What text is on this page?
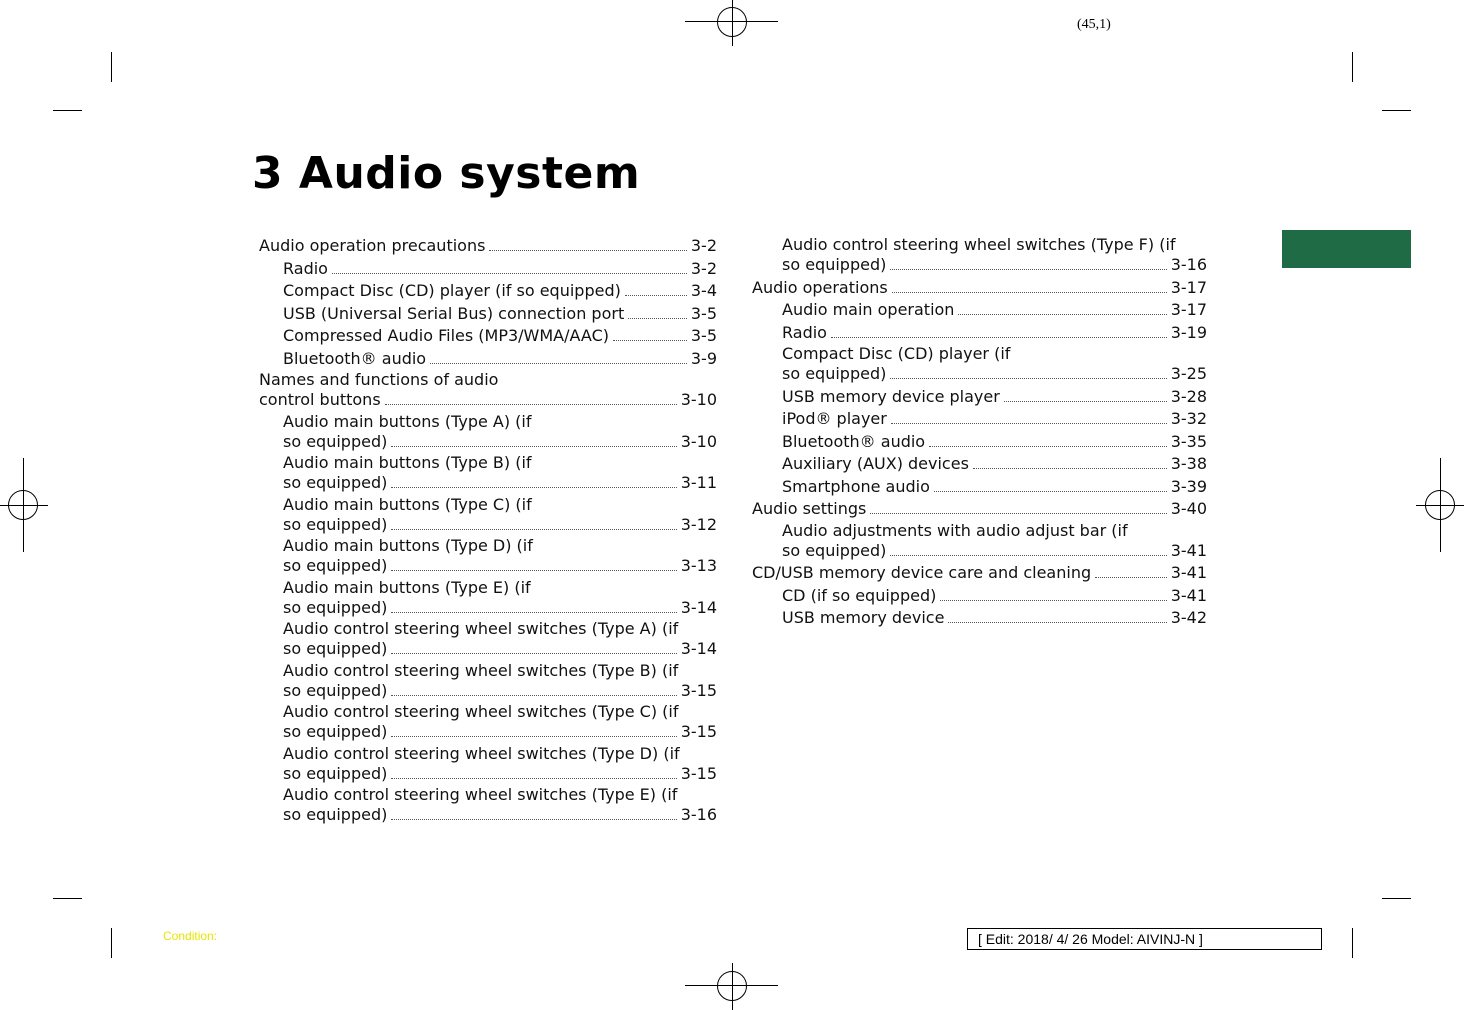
(45,1)
3 Audio system
Audio operation precautions	3-2
Radio	3-2
Compact Disc (CD) player (if so equipped)	3-4
USB (Universal Serial Bus) connection port	3-5
Compressed Audio Files (MP3/WMA/AAC)	3-5
Bluetooth® audio	3-9
Names and functions of audio
control buttons	3-10
Audio main buttons (Type A) (if
so equipped)	3-10
Audio main buttons (Type B) (if
so equipped)	3-11
Audio main buttons (Type C) (if
so equipped)	3-12
Audio main buttons (Type D) (if
so equipped)	3-13
Audio main buttons (Type E) (if
so equipped)	3-14
Audio control steering wheel switches (Type A) (if
so equipped)	3-14
Audio control steering wheel switches (Type B) (if
so equipped)	3-15
Audio control steering wheel switches (Type C) (if
so equipped)	3-15
Audio control steering wheel switches (Type D) (if
so equipped)	3-15
Audio control steering wheel switches (Type E) (if
so equipped)	3-16
Audio control steering wheel switches (Type F) (if
so equipped)	3-16
Audio operations	3-17
Audio main operation	3-17
Radio	3-19
Compact Disc (CD) player (if
so equipped)	3-25
USB memory device player	3-28
iPod® player	3-32
Bluetooth® audio	3-35
Auxiliary (AUX) devices	3-38
Smartphone audio	3-39
Audio settings	3-40
Audio adjustments with audio adjust bar (if
so equipped)	3-41
CD/USB memory device care and cleaning	3-41
CD (if so equipped)	3-41
USB memory device	3-42
Condition:	[ Edit: 2018/ 4/ 26 Model: AIVINJ-N ]
